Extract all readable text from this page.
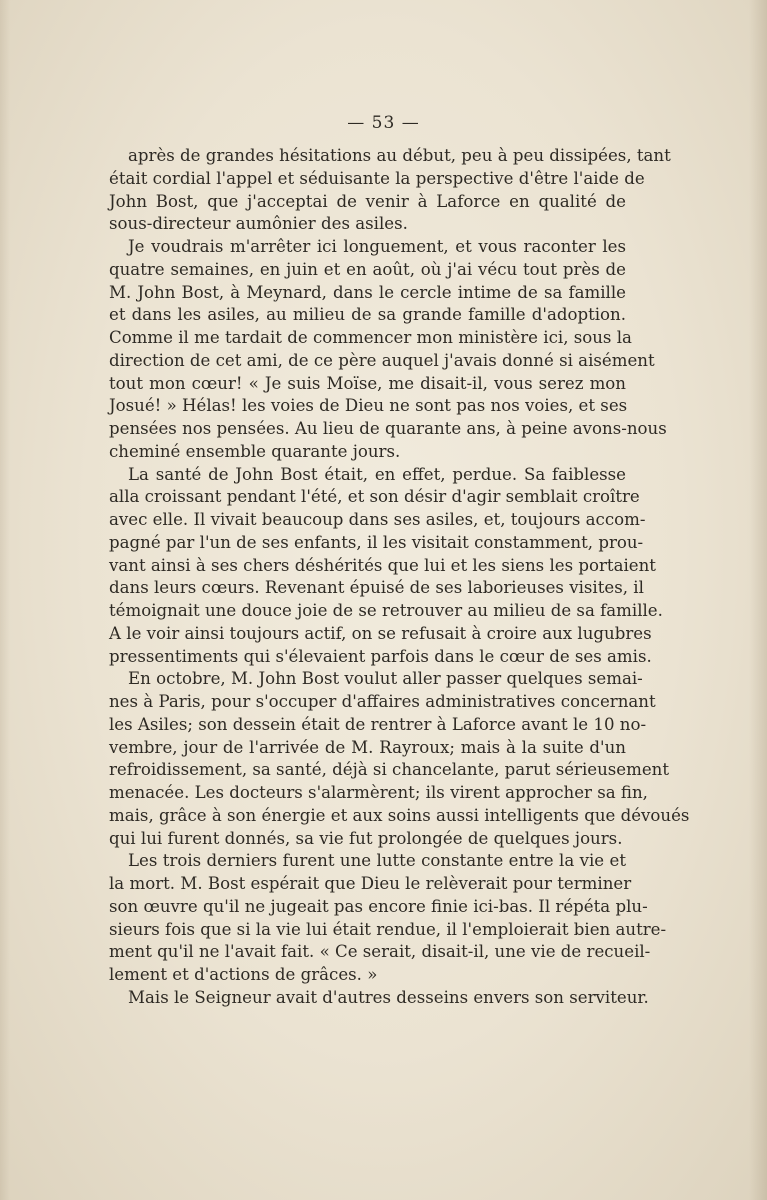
— 53 —

après de grandes hésitations au début, peu à peu dissipées, tant
était cordial l'appel et séduisante la perspective d'être l'aide de
John Bost, que j'acceptai de venir à Laforce en qualité de
sous-directeur aumônier des asiles.

Je voudrais m'arrêter ici longuement, et vous raconter les
quatre semaines, en juin et en août, où j'ai vécu tout près de
M. John Bost, à Meynard, dans le cercle intime de sa famille
et dans les asiles, au milieu de sa grande famille d'adoption.
Comme il me tardait de commencer mon ministère ici, sous la
direction de cet ami, de ce père auquel j'avais donné si aisément
tout mon cœur! « Je suis Moïse, me disait-il, vous serez mon
Josué! » Hélas! les voies de Dieu ne sont pas nos voies, et ses
pensées nos pensées. Au lieu de quarante ans, à peine avons-nous
cheminé ensemble quarante jours.

La santé de John Bost était, en effet, perdue. Sa faiblesse
alla croissant pendant l'été, et son désir d'agir semblait croître
avec elle. Il vivait beaucoup dans ses asiles, et, toujours accom-
pagné par l'un de ses enfants, il les visitait constamment, prou-
vant ainsi à ses chers déshérités que lui et les siens les portaient
dans leurs cœurs. Revenant épuisé de ses laborieuses visites, il
témoignait une douce joie de se retrouver au milieu de sa famille.
A le voir ainsi toujours actif, on se refusait à croire aux lugubres
pressentiments qui s'élevaient parfois dans le cœur de ses amis.

En octobre, M. John Bost voulut aller passer quelques semai-
nes à Paris, pour s'occuper d'affaires administratives concernant
les Asiles; son dessein était de rentrer à Laforce avant le 10 no-
vembre, jour de l'arrivée de M. Rayroux; mais à la suite d'un
refroidissement, sa santé, déjà si chancelante, parut sérieusement
menacée. Les docteurs s'alarmèrent; ils virent approcher sa fin,
mais, grâce à son énergie et aux soins aussi intelligents que dévoués
qui lui furent donnés, sa vie fut prolongée de quelques jours.

Les trois derniers furent une lutte constante entre la vie et
la mort. M. Bost espérait que Dieu le relèverait pour terminer
son œuvre qu'il ne jugeait pas encore finie ici-bas. Il répéta plu-
sieurs fois que si la vie lui était rendue, il l'emploierait bien autre-
ment qu'il ne l'avait fait. « Ce serait, disait-il, une vie de recueil-
lement et d'actions de grâces. »

Mais le Seigneur avait d'autres desseins envers son serviteur.
